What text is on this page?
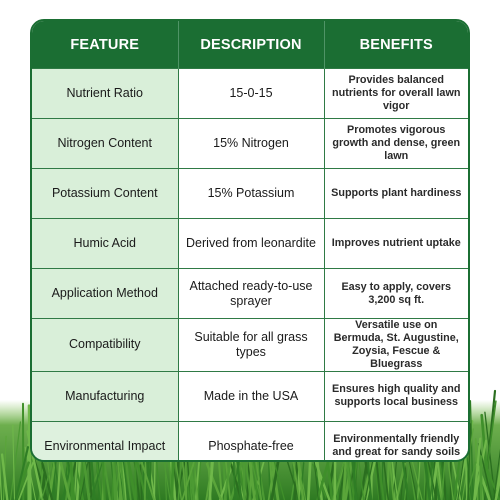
FEATURE	DESCRIPTION	BENEFITS
Nutrient Ratio	15-0-15	Provides balanced nutrients for overall lawn vigor
Nitrogen Content	15% Nitrogen	Promotes vigorous growth and dense, green lawn
Potassium Content	15% Potassium	Supports plant hardiness
Humic Acid	Derived from leonardite	Improves nutrient uptake
Application Method	Attached ready-to-use sprayer	Easy to apply, covers 3,200 sq ft.
Compatibility	Suitable for all grass types	Versatile use on Bermuda, St. Augustine, Zoysia, Fescue & Bluegrass
Manufacturing	Made in the USA	Ensures high quality and supports local business
Environmental Impact	Phosphate-free	Environmentally friendly and great for sandy soils
